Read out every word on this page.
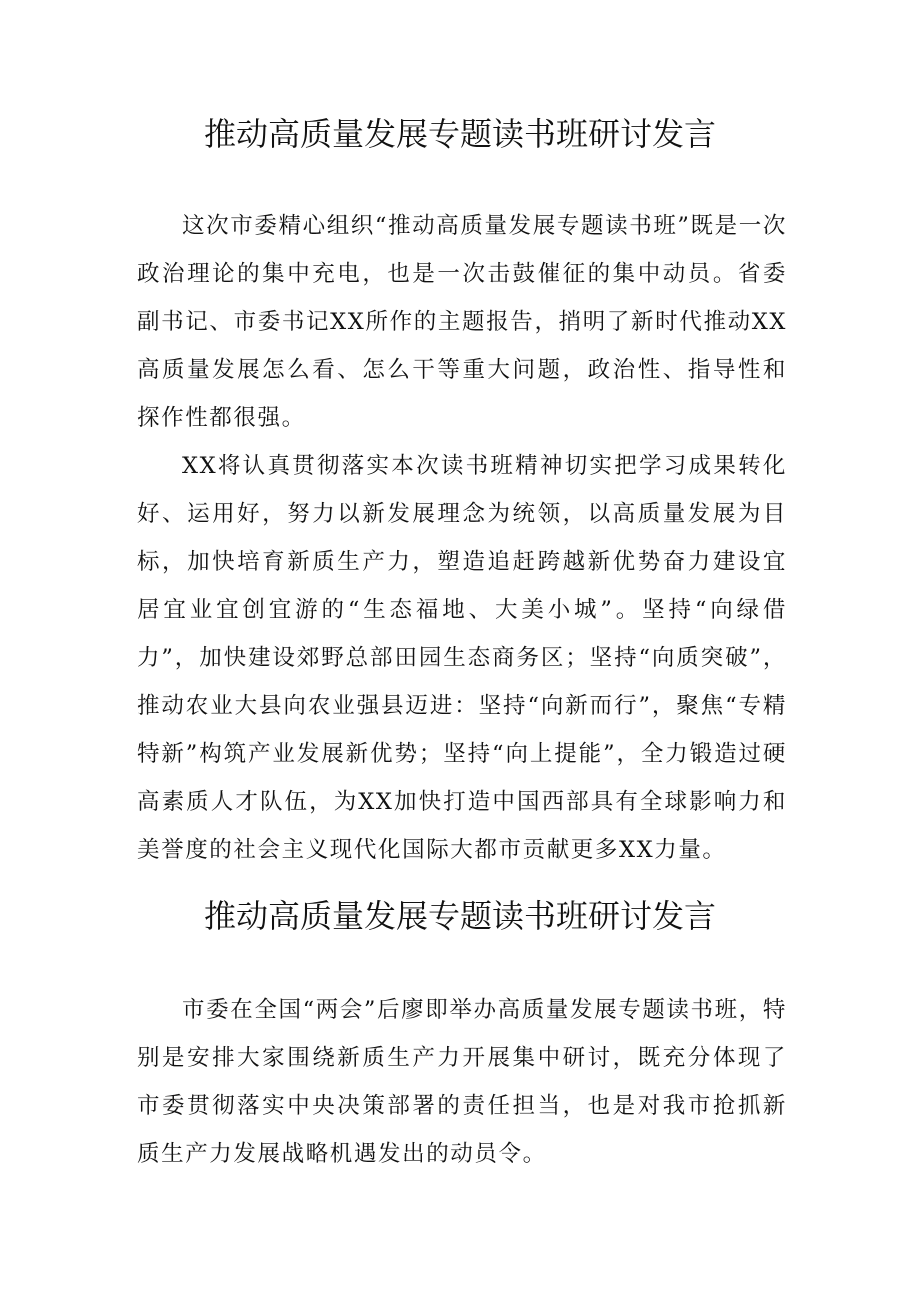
推动高质量发展专题读书班研讨发言

这次市委精心组织“推动高质量发展专题读书班”既是一次政治理论的集中充电，也是一次击鼓催征的集中动员。省委副书记、市委书记XX所作的主题报告，捎明了新时代推动XX高质量发展怎么看、怎么干等重大问题，政治性、指导性和探作性都很强。

XX将认真贯彻落实本次读书班精神切实把学习成果转化好、运用好，努力以新发展理念为统领，以高质量发展为目标，加快培育新质生产力，塑造追赶跨越新优势奋力建设宜居宜业宜创宜游的“生态福地、大美小城”。坚持“向绿借力”，加快建设郊野总部田园生态商务区；坚持“向质突破”，推动农业大县向农业强县迈进：坚持“向新而行”，聚焦“专精特新”构筑产业发展新优势；坚持“向上提能”，全力锻造过硬高素质人才队伍，为XX加快打造中国西部具有全球影响力和美誉度的社会主义现代化国际大都市贡献更多XX力量。

推动高质量发展专题读书班研讨发言

市委在全国“两会”后廖即举办高质量发展专题读书班，特别是安排大家围绕新质生产力开展集中研讨，既充分体现了市委贯彻落实中央决策部署的责任担当，也是对我市抢抓新质生产力发展战略机遇发出的动员令。
